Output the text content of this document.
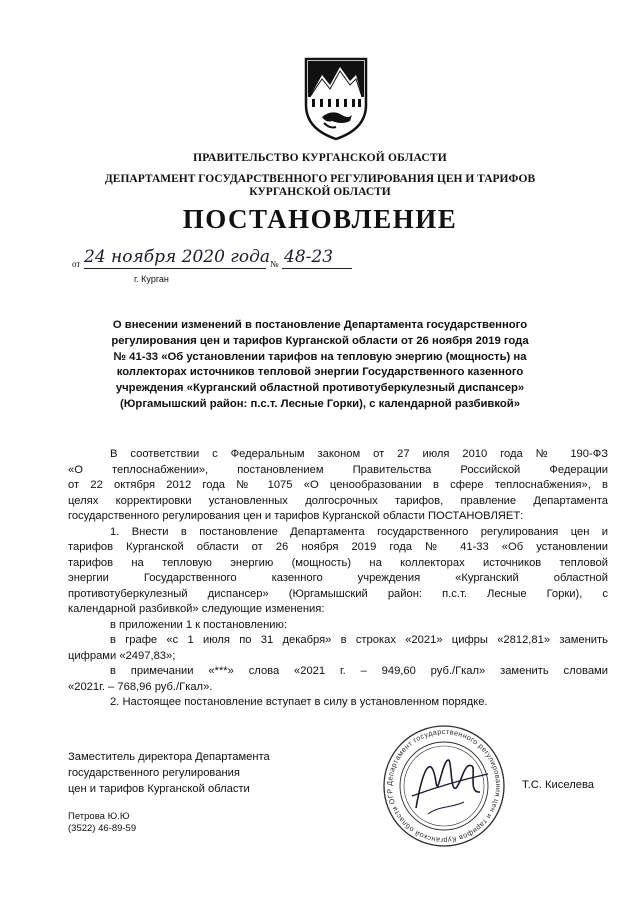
ПРАВИТЕЛЬСТВО КУРГАНСКОЙ ОБЛАСТИ
ДЕПАРТАМЕНТ ГОСУДАРСТВЕННОГО РЕГУЛИРОВАНИЯ ЦЕН И ТАРИФОВ
КУРГАНСКОЙ ОБЛАСТИ
ПОСТАНОВЛЕНИЕ
от 24 ноября 2020 года № 48-23
г. Курган
О внесении изменений в постановление Департамента государственного
регулирования цен и тарифов Курганской области от 26 ноября 2019 года
№ 41-33 «Об установлении тарифов на тепловую энергию (мощность) на
коллекторах источников тепловой энергии Государственного казенного
учреждения «Курганский областной противотуберкулезный диспансер»
(Юргамышский район: п.с.т. Лесные Горки), с календарной разбивкой»
В соответствии с Федеральным законом от 27 июля 2010 года № 190-ФЗ
«О теплоснабжении», постановлением Правительства Российской Федерации
от 22 октября 2012 года № 1075 «О ценообразовании в сфере теплоснабжения», в
целях корректировки установленных долгосрочных тарифов, правление Департамента
государственного регулирования цен и тарифов Курганской области ПОСТАНОВЛЯЕТ:
1. Внести в постановление Департамента государственного регулирования цен и
тарифов Курганской области от 26 ноября 2019 года № 41-33 «Об установлении
тарифов на тепловую энергию (мощность) на коллекторах источников тепловой
энергии Государственного казенного учреждения «Курганский областной
противотуберкулезный диспансер» (Юргамышский район: п.с.т. Лесные Горки), с
календарной разбивкой» следующие изменения:
в приложении 1 к постановлению:
в графе «с 1 июля по 31 декабря» в строках «2021» цифры «2812,81» заменить
цифрами «2497,83»;
в примечании «***» слова «2021 г. – 949,60 руб./Гкал» заменить словами
«2021г. – 768,96 руб./Гкал».
2. Настоящее постановление вступает в силу в установленном порядке.
Заместитель директора Департамента
государственного регулирования
цен и тарифов Курганской области	Департамент государственного регулирования цен и тарифов Курганской области ОГР
Т.С. Киселева
Петрова Ю.Ю
(3522) 46-89-59
